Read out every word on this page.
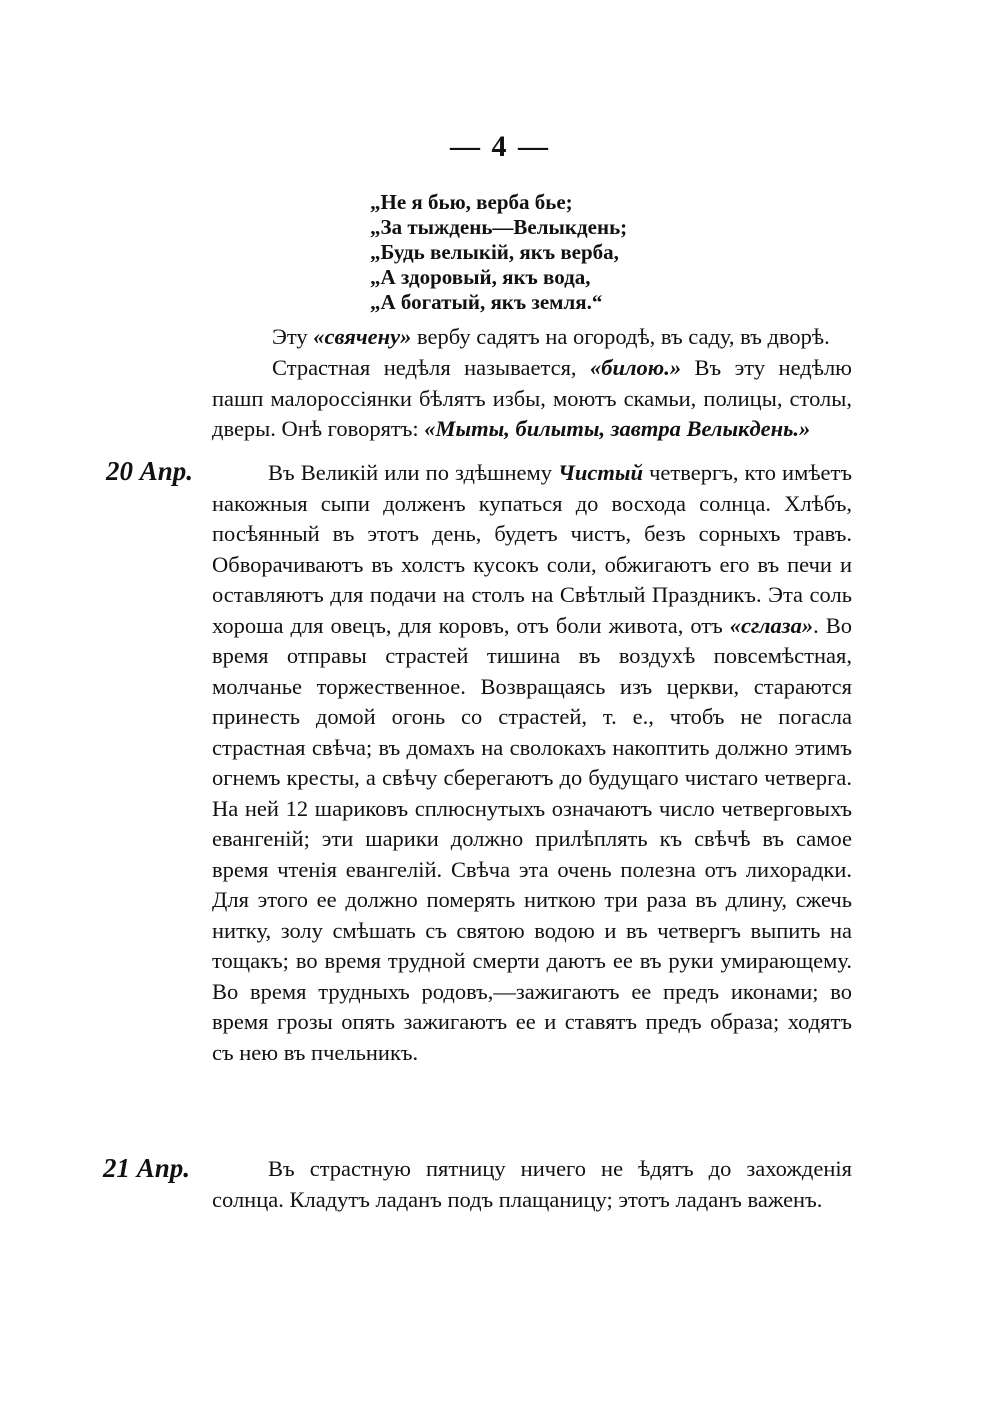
— 4 —
„Не я бью, верба бье;
„За тыждень—Велыкдень;
„Будь велыкій, якъ верба,
„А здоровый, якъ вода,
„А богатый, якъ земля.“

Эту «свячену» вербу садятъ на огородѣ, въ саду, въ дворѣ.

Страстная недѣля называется, «билою.» Въ эту недѣлю пашп малороссіянки бѣлятъ избы, моютъ скамьи, полицы, столы, дверы. Онѣ говорятъ: «Мыты, билыты, завтра Велыкдень.»

20 Апр.	Въ Великій или по здѣшнему Чистый четвергъ, кто имѣетъ накожныя сыпи долженъ купаться до восхода солнца. Хлѣбъ, посѣянный въ этотъ день, будетъ чистъ, безъ сорныхъ травъ. Обворачиваютъ въ холстъ кусокъ соли, обжигаютъ его въ печи и оставляютъ для подачи на столъ на Свѣтлый Праздникъ. Эта соль хороша для овецъ, для коровъ, отъ боли живота, отъ «сглаза». Во время отправы страстей тишина въ воздухѣ повсемѣстная, молчанье торжественное. Возвращаясь изъ церкви, стараются принесть домой огонь со страстей, т. е., чтобъ не погасла страстная свѣча; въ домахъ на сволокахъ накоптить должно этимъ огнемъ кресты, а свѣчу сберегаютъ до будущаго чистаго четверга. На ней 12 шариковъ сплюснутыхъ означаютъ число четверговыхъ евангеній; эти шарики должно прилѣплять къ свѣчѣ въ самое время чтенія евангелій. Свѣча эта очень полезна отъ лихорадки. Для этого ее должно померять ниткою три раза въ длину, сжечь нитку, золу смѣшать съ святою водою и въ четвергъ выпить на тощакъ; во время трудной смерти даютъ ее въ руки умирающему. Во время трудныхъ родовъ,—зажигаютъ ее предъ иконами; во время грозы опять зажигаютъ ее и ставятъ предъ образа; ходятъ съ нею въ пчельникъ.

21 Апр.	Въ страстную пятницу ничего не ѣдятъ до захожденія солнца. Кладутъ ладанъ подъ плащаницу; этотъ ладанъ важенъ.
